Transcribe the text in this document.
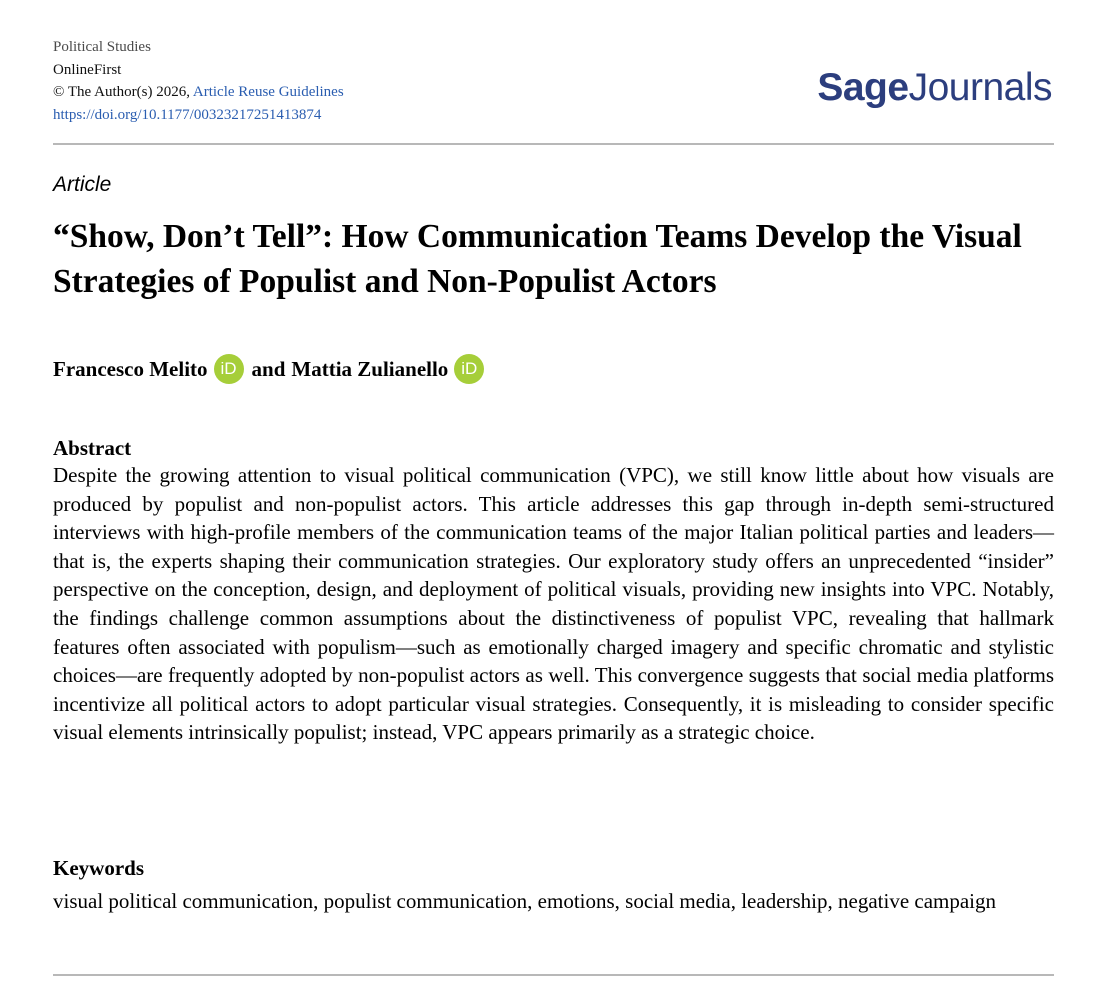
Political Studies
OnlineFirst
© The Author(s) 2026, Article Reuse Guidelines
https://doi.org/10.1177/00323217251413874
SageJournals
Article
“Show, Don’t Tell”: How Communication Teams Develop the Visual Strategies of Populist and Non-Populist Actors
Francesco Melito iD and Mattia Zulianello iD
Abstract
Despite the growing attention to visual political communication (VPC), we still know little about how visuals are produced by populist and non-populist actors. This article addresses this gap through in-depth semi-structured interviews with high-profile members of the communication teams of the major Italian political parties and leaders—that is, the experts shaping their communication strategies. Our exploratory study offers an unprecedented “insider” perspective on the conception, design, and deployment of political visuals, providing new insights into VPC. Notably, the findings challenge common assumptions about the distinctiveness of populist VPC, revealing that hallmark features often associated with populism—such as emotionally charged imagery and specific chromatic and stylistic choices—are frequently adopted by non-populist actors as well. This convergence suggests that social media platforms incentivize all political actors to adopt particular visual strategies. Consequently, it is misleading to consider specific visual elements intrinsically populist; instead, VPC appears primarily as a strategic choice.
Keywords
visual political communication, populist communication, emotions, social media, leadership, negative campaign
